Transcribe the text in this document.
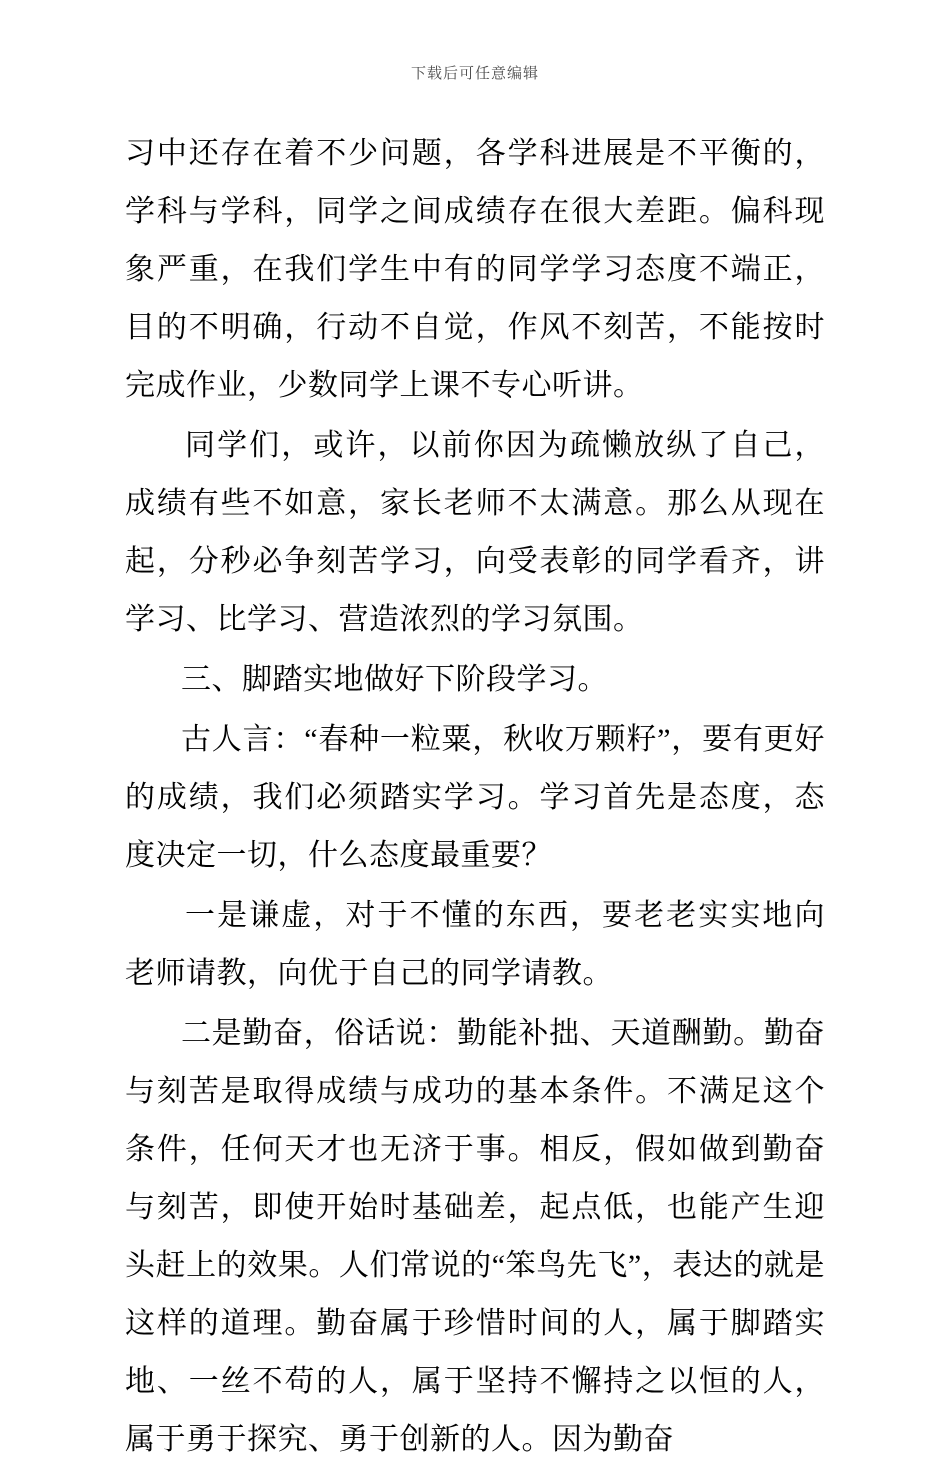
下载后可任意编辑

习中还存在着不少问题，各学科进展是不平衡的，学科与学科，同学之间成绩存在很大差距。偏科现象严重，在我们学生中有的同学学习态度不端正，目的不明确，行动不自觉，作风不刻苦，不能按时完成作业，少数同学上课不专心听讲。

同学们，或许，以前你因为疏懒放纵了自己，成绩有些不如意，家长老师不太满意。那么从现在起，分秒必争刻苦学习，向受表彰的同学看齐，讲学习、比学习、营造浓烈的学习氛围。

三、脚踏实地做好下阶段学习。

古人言：“春种一粒粟，秋收万颗籽”，要有更好的成绩，我们必须踏实学习。学习首先是态度，态度决定一切，什么态度最重要？

一是谦虚，对于不懂的东西，要老老实实地向老师请教，向优于自己的同学请教。

二是勤奋，俗话说：勤能补拙、天道酬勤。勤奋与刻苦是取得成绩与成功的基本条件。不满足这个条件，任何天才也无济于事。相反，假如做到勤奋与刻苦，即使开始时基础差，起点低，也能产生迎头赶上的效果。人们常说的“笨鸟先飞”，表达的就是这样的道理。勤奋属于珍惜时间的人，属于脚踏实地、一丝不苟的人，属于坚持不懈持之以恒的人，属于勇于探究、勇于创新的人。因为勤奋
